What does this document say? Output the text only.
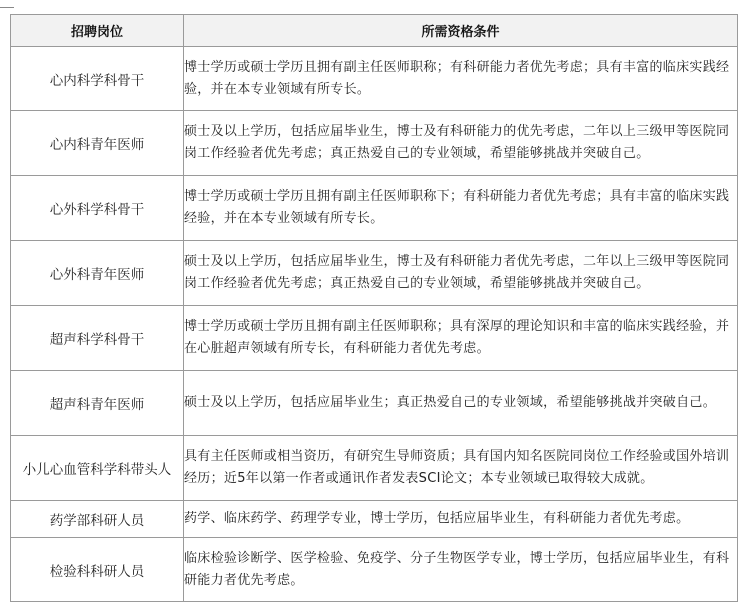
招聘岗位	所需资格条件
心内科学科骨干	博士学历或硕士学历且拥有副主任医师职称；有科研能力者优先考虑；具有丰富的临床实践经验，并在本专业领域有所专长。
心内科青年医师	硕士及以上学历，包括应届毕业生，博士及有科研能力的优先考虑，二年以上三级甲等医院同岗工作经验者优先考虑；真正热爱自己的专业领域，希望能够挑战并突破自己。
心外科学科骨干	博士学历或硕士学历且拥有副主任医师职称下；有科研能力者优先考虑；具有丰富的临床实践经验，并在本专业领域有所专长。
心外科青年医师	硕士及以上学历，包括应届毕业生，博士及有科研能力者优先考虑，二年以上三级甲等医院同岗工作经验者优先考虑；真正热爱自己的专业领域，希望能够挑战并突破自己。
超声科学科骨干	博士学历或硕士学历且拥有副主任医师职称；具有深厚的理论知识和丰富的临床实践经验，并在心脏超声领域有所专长，有科研能力者优先考虑。
超声科青年医师	硕士及以上学历，包括应届毕业生；真正热爱自己的专业领域，希望能够挑战并突破自己。
小儿心血管科学科带头人	具有主任医师或相当资历，有研究生导师资质；具有国内知名医院同岗位工作经验或国外培训经历；近5年以第一作者或通讯作者发表SCI论文；本专业领域已取得较大成就。
药学部科研人员	药学、临床药学、药理学专业，博士学历，包括应届毕业生，有科研能力者优先考虑。
检验科科研人员	临床检验诊断学、医学检验、免疫学、分子生物医学专业，博士学历，包括应届毕业生，有科研能力者优先考虑。
